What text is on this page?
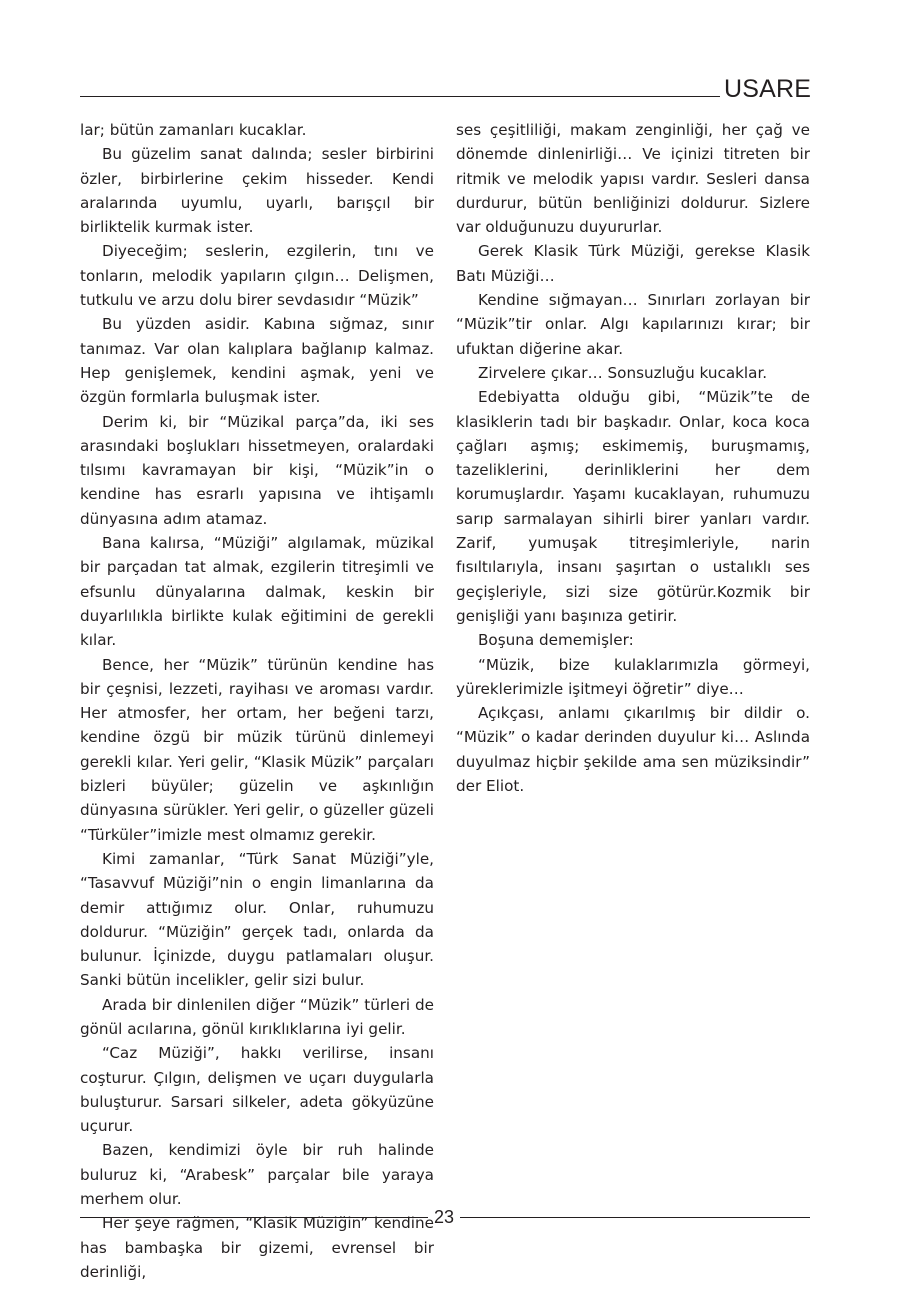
USARE

lar; bütün zamanları kucaklar.

Bu güzelim sanat dalında; sesler birbirini özler, birbirlerine çekim hisseder. Kendi aralarında uyumlu, uyarlı, barışçıl bir birliktelik kurmak ister.

Diyeceğim; seslerin, ezgilerin, tını ve tonların, melodik yapıların çılgın… Delişmen, tutkulu ve arzu dolu birer sevdasıdır “Müzik”

Bu yüzden asidir. Kabına sığmaz, sınır tanımaz. Var olan kalıplara bağlanıp kalmaz. Hep genişlemek, kendini aşmak, yeni ve özgün formlarla buluşmak ister.

Derim ki, bir “Müzikal parça”da, iki ses arasındaki boşlukları hissetmeyen, oralardaki tılsımı kavramayan bir kişi, “Müzik”in o kendine has esrarlı yapısına ve ihtişamlı dünyasına adım atamaz.

Bana kalırsa, “Müziği” algılamak, müzikal bir parçadan tat almak, ezgilerin titreşimli ve efsunlu dünyalarına dalmak, keskin bir duyarlılıkla birlikte kulak eğitimini de gerekli kılar.

Bence, her “Müzik” türünün kendine has bir çeşnisi, lezzeti, rayihası ve aroması vardır. Her atmosfer, her ortam, her beğeni tarzı, kendine özgü bir müzik türünü dinlemeyi gerekli kılar. Yeri gelir, “Klasik Müzik” parçaları bizleri büyüler; güzelin ve aşkınlığın dünyasına sürükler. Yeri gelir, o güzeller güzeli “Türküler”imizle mest olmamız gerekir.

Kimi zamanlar, “Türk Sanat Müziği”yle, “Tasavvuf Müziği”nin o engin limanlarına da demir attığımız olur. Onlar, ruhumuzu doldurur. “Müziğin” gerçek tadı, onlarda da bulunur. İçinizde, duygu patlamaları oluşur. Sanki bütün incelikler, gelir sizi bulur.

Arada bir dinlenilen diğer “Müzik” türleri de gönül acılarına, gönül kırıklıklarına iyi gelir.

“Caz Müziği”, hakkı verilirse, insanı coşturur. Çılgın, delişmen ve uçarı duygularla buluşturur. Sarsari silkeler, adeta gökyüzüne uçurur.

Bazen, kendimizi öyle bir ruh halinde buluruz ki, “Arabesk” parçalar bile yaraya merhem olur.

Her şeye rağmen, “Klasik Müziğin” kendine has bambaşka bir gizemi, evrensel bir derinliği,

ses çeşitliliği, makam zenginliği, her çağ ve dönemde dinlenirliği… Ve içinizi titreten bir ritmik ve melodik yapısı vardır. Sesleri dansa durdurur, bütün benliğinizi doldurur. Sizlere var olduğunuzu duyururlar.

Gerek Klasik Türk Müziği, gerekse Klasik Batı Müziği…

Kendine sığmayan… Sınırları zorlayan bir “Müzik”tir onlar. Algı kapılarınızı kırar; bir ufuktan diğerine akar.

Zirvelere çıkar… Sonsuzluğu kucaklar.

Edebiyatta olduğu gibi, “Müzik”te de klasiklerin tadı bir başkadır. Onlar, koca koca çağları aşmış; eskimemiş, buruşmamış, tazeliklerini, derinliklerini her dem korumuşlardır. Yaşamı kucaklayan, ruhumuzu sarıp sarmalayan sihirli birer yanları vardır. Zarif, yumuşak titreşimleriyle, narin fısıltılarıyla, insanı şaşırtan o ustalıklı ses geçişleriyle, sizi size götürür.Kozmik bir genişliği yanı başınıza getirir.

Boşuna dememişler:

“Müzik, bize kulaklarımızla görmeyi, yüreklerimizle işitmeyi öğretir” diye…

Açıkçası, anlamı çıkarılmış bir dildir o. “Müzik” o kadar derinden duyulur ki… Aslında duyulmaz hiçbir şekilde ama sen müziksindir” der Eliot.

23
